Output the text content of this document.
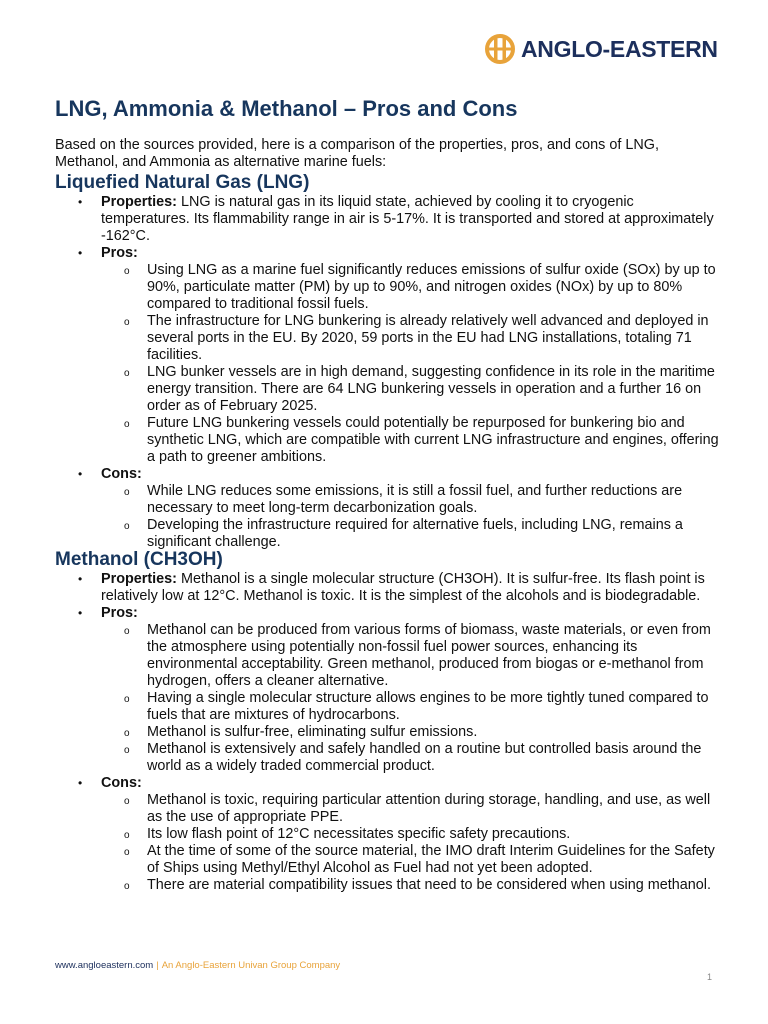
ANGLO-EASTERN
LNG, Ammonia & Methanol – Pros and Cons

Based on the sources provided, here is a comparison of the properties, pros, and cons of LNG, Methanol, and Ammonia as alternative marine fuels:

Liquefied Natural Gas (LNG)
• Properties: LNG is natural gas in its liquid state, achieved by cooling it to cryogenic temperatures. Its flammability range in air is 5-17%. It is transported and stored at approximately -162°C.
• Pros:
o Using LNG as a marine fuel significantly reduces emissions of sulfur oxide (SOx) by up to 90%, particulate matter (PM) by up to 90%, and nitrogen oxides (NOx) by up to 80% compared to traditional fossil fuels.
o The infrastructure for LNG bunkering is already relatively well advanced and deployed in several ports in the EU. By 2020, 59 ports in the EU had LNG installations, totaling 71 facilities.
o LNG bunker vessels are in high demand, suggesting confidence in its role in the maritime energy transition. There are 64 LNG bunkering vessels in operation and a further 16 on order as of February 2025.
o Future LNG bunkering vessels could potentially be repurposed for bunkering bio and synthetic LNG, which are compatible with current LNG infrastructure and engines, offering a path to greener ambitions.
• Cons:
o While LNG reduces some emissions, it is still a fossil fuel, and further reductions are necessary to meet long-term decarbonization goals.
o Developing the infrastructure required for alternative fuels, including LNG, remains a significant challenge.
Methanol (CH3OH)
• Properties: Methanol is a single molecular structure (CH3OH). It is sulfur-free. Its flash point is relatively low at 12°C. Methanol is toxic. It is the simplest of the alcohols and is biodegradable.
• Pros:
o Methanol can be produced from various forms of biomass, waste materials, or even from the atmosphere using potentially non-fossil fuel power sources, enhancing its environmental acceptability. Green methanol, produced from biogas or e-methanol from hydrogen, offers a cleaner alternative.
o Having a single molecular structure allows engines to be more tightly tuned compared to fuels that are mixtures of hydrocarbons.
o Methanol is sulfur-free, eliminating sulfur emissions.
o Methanol is extensively and safely handled on a routine but controlled basis around the world as a widely traded commercial product.
• Cons:
o Methanol is toxic, requiring particular attention during storage, handling, and use, as well as the use of appropriate PPE.
o Its low flash point of 12°C necessitates specific safety precautions.
o At the time of some of the source material, the IMO draft Interim Guidelines for the Safety of Ships using Methyl/Ethyl Alcohol as Fuel had not yet been adopted.
o There are material compatibility issues that need to be considered when using methanol.
www.angloeastern.com | An Anglo-Eastern Univan Group Company
1
